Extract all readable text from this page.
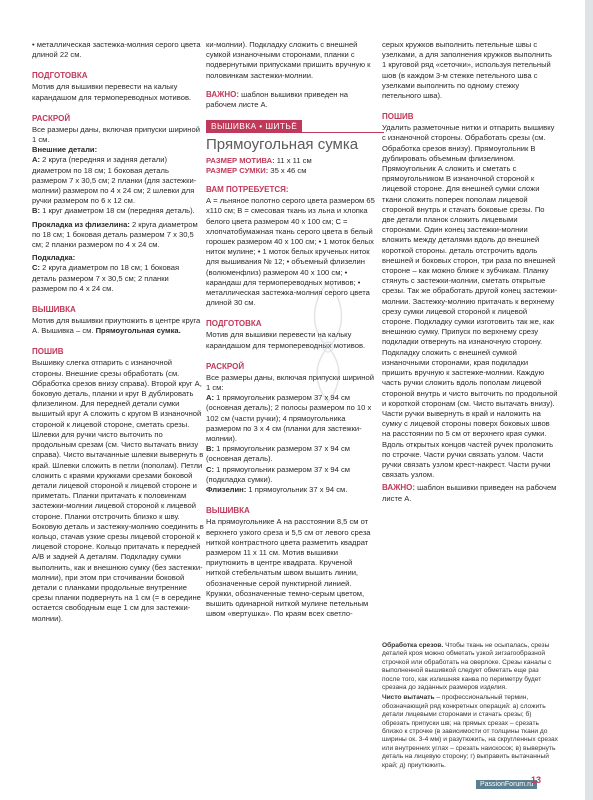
• металлическая застежка-молния серого цвета длиной 22 см.

ПОДГОТОВКА

Мотив для вышивки перевести на кальку карандашом для термопереводных мотивов.

РАСКРОЙ

Все размеры даны, включая припуски шириной 1 см.

Внешние детали:

А: 2 круга (передняя и задняя детали) диаметром по 18 см; 1 боковая деталь размером 7 x 30,5 см; 2 планки (для застежки-молнии) размером по 4 x 24 см; 2 шлевки для ручки размером по 6 x 12 см.

В: 1 круг диаметром 18 см (передняя деталь).

Прокладка из флизелина: 2 круга диаметром по 18 см; 1 боковая деталь размером 7 x 30,5 см; 2 планки размером по 4 x 24 см.

Подкладка:

С: 2 круга диаметром по 18 см; 1 боковая деталь размером 7 x 30,5 см; 2 планки размером по 4 x 24 см.

ВЫШИВКА

Мотив для вышивки приутюжить в центре круга А. Вышивка – см. Прямоугольная сумка.

ПОШИВ

Вышивку слегка отпарить с изнаночной стороны. Внешние срезы обработать (см. Обработка срезов внизу справа). Второй круг А, боковую деталь, планки и круг В дублировать флизелином. Для передней детали сумки вышитый круг А сложить с кругом В изнаночной стороной к лицевой стороне, сметать срезы. Шлевки для ручки чисто выточить по продольным срезам (см. Чисто вытачать внизу справа). Чисто вытачанные шлевки вывернуть в край. Шлевки сложить в петли (пополам). Петли сложить с краями кружками срезами боковой детали лицевой стороной к лицевой стороне и приметать. Планки притачать к половинкам застежки-молнии лицевой стороной к лицевой стороне. Планки отстрочить близко к шву. Боковую деталь и застежку-молнию соединить в кольцо, стачав узкие срезы лицевой стороной к лицевой стороне. Кольцо притачать к передней А/В и задней А деталям. Подкладку сумки выполнить, как и внешнюю сумку (без застежки-молнии), при этом при сточивании боковой детали с планками продольные внутренние срезы планки подвернуть на 1 см (= в середине остается свободным еще 1 см для застежки-молнии).

ки-молнии). Подкладку сложить с внешней сумкой изнаночными сторонами, планки с подвернутыми припусками пришить вручную к половинкам застежки-молнии.

ВАЖНО: шаблон вышивки приведен на рабочем листе А.

ВЫШИВКА • ШИТЬЁ

Прямоугольная сумка

РАЗМЕР МОТИВА: 11 x 11 см

РАЗМЕР СУМКИ: 35 x 46 см

ВАМ ПОТРЕБУЕТСЯ:

А = льняное полотно серого цвета размером 65 x110 см; В = смесовая ткань из льна и хлопка белого цвета размером 40 x 100 см; С = хлопчатобумажная ткань серого цвета в белый горошек размером 40 x 100 см; • 1 моток белых ниток мулине; • 1 моток белых крученых ниток для вышивания № 12; • объемный флизелин (волюменфлиз) размером 40 x 100 см; • карандаш для термопереводных мотивов; • металлическая застежка-молния серого цвета длиной 30 см.

ПОДГОТОВКА

Мотив для вышивки перевести на кальку карандашом для термопереводных мотивов.

РАСКРОЙ

Все размеры даны, включая припуски шириной 1 см:

А: 1 прямоугольник размером 37 x 94 см (основная деталь); 2 полосы размером по 10 x 102 см (части ручки); 4 прямоугольника размером по 3 x 4 см (планки для застежки-молнии).

В: 1 прямоугольник размером 37 x 94 см (основная деталь).

С: 1 прямоугольник размером 37 x 94 см (подкладка сумки).

Флизелин: 1 прямоугольник 37 x 94 см.

ВЫШИВКА

На прямоугольнике А на расстоянии 8,5 см от верхнего узкого среза и 5,5 см от левого среза ниткой контрастного цвета разметить квадрат размером 11 x 11 см. Мотив вышивки приутюжить в центре квадрата. Крученой ниткой стебельчатым швом вышить линии, обозначенные серой пунктирной линией. Кружки, обозначенные темно-серым цветом, вышить одинарной ниткой мулине петельным швом «вертушка». По краям всех светло-

серых кружков выполнить петельные швы с узелками, а для заполнения кружков выполнить 1 круговой ряд «сеточки», используя петельный шов (в каждом 3-м стежке петельного шва с узелками выполнить по одному стежку петельного шва).

ПОШИВ

Удалить разметочные нитки и отпарить вышивку с изнаночной стороны. Обработать срезы (см. Обработка срезов внизу). Прямоугольник В дублировать объемным флизелином. Прямоугольник А сложить и сметать с прямоугольником В изнаночной стороной к лицевой стороне. Для внешней сумки сложи ткани сложить поперек пополам лицевой стороной внутрь и стачать боковые срезы. По две детали планок сложить лицевыми сторонами. Один конец застежки-молнии вложить между деталями вдоль до внешней короткой стороны. деталь отстрочить вдоль внешней и боковых сторон, три раза по внешней стороне – как можно ближе к зубчикам. Планку стянуть с застежки-молнии, сметать открытые срезы. Так же обработать другой конец застежки-молнии. Застежку-молнию притачать к верхнему срезу сумки лицевой стороной к лицевой стороне. Подкладку сумки изготовить так же, как внешнюю сумку. Припуск по верхнему срезу подкладки отвернуть на изнаночную сторону. Подкладку сложить с внешней сумкой изнаночными сторонами, края подкладки пришить вручную к застежке-молнии. Каждую часть ручки сложить вдоль пополам лицевой стороной внутрь и чисто выточить по продольной и короткой сторонам (см. Чисто вытачать внизу). Части ручки вывернуть в край и наложить на сумку с лицевой стороны поверх боковых швов на расстоянии по 5 см от верхнего края сумки. Вдоль открытых концов частей ручек проложить по строчке. Части ручки связать узлом. Части ручки связать узлом крест-накрест. Части ручки связать узлом.

ВАЖНО: шаблон вышивки приведен на рабочем листе А.

Обработка срезов. Чтобы ткань не осыпалась, срезы деталей кроя можно обметать узкой зигзагообразной строчкой или обработать на оверлоке. Срезы каналы с выполненной вышивкой следует обметать еще раз после того, как излишняя канва по периметру будет срезана до заданных размеров изделия.

Чисто вытачать – профессиональный термин, обозначающий ряд конкретных операций: а) сложить детали лицевыми сторонами и стачать срезы; б) обрезать припуски шв; на прямых срезах – срезать близко к строчке (в зависимости от толщины ткани до ширины ок. 3-4 мм) и разутюжить, на скругленных срезах или внутренних углах – срезать наискосок; в) вывернуть деталь на лицевую сторону; г) выправить вытачанный край; д) приутюжить.

PassionForum.ru
13
